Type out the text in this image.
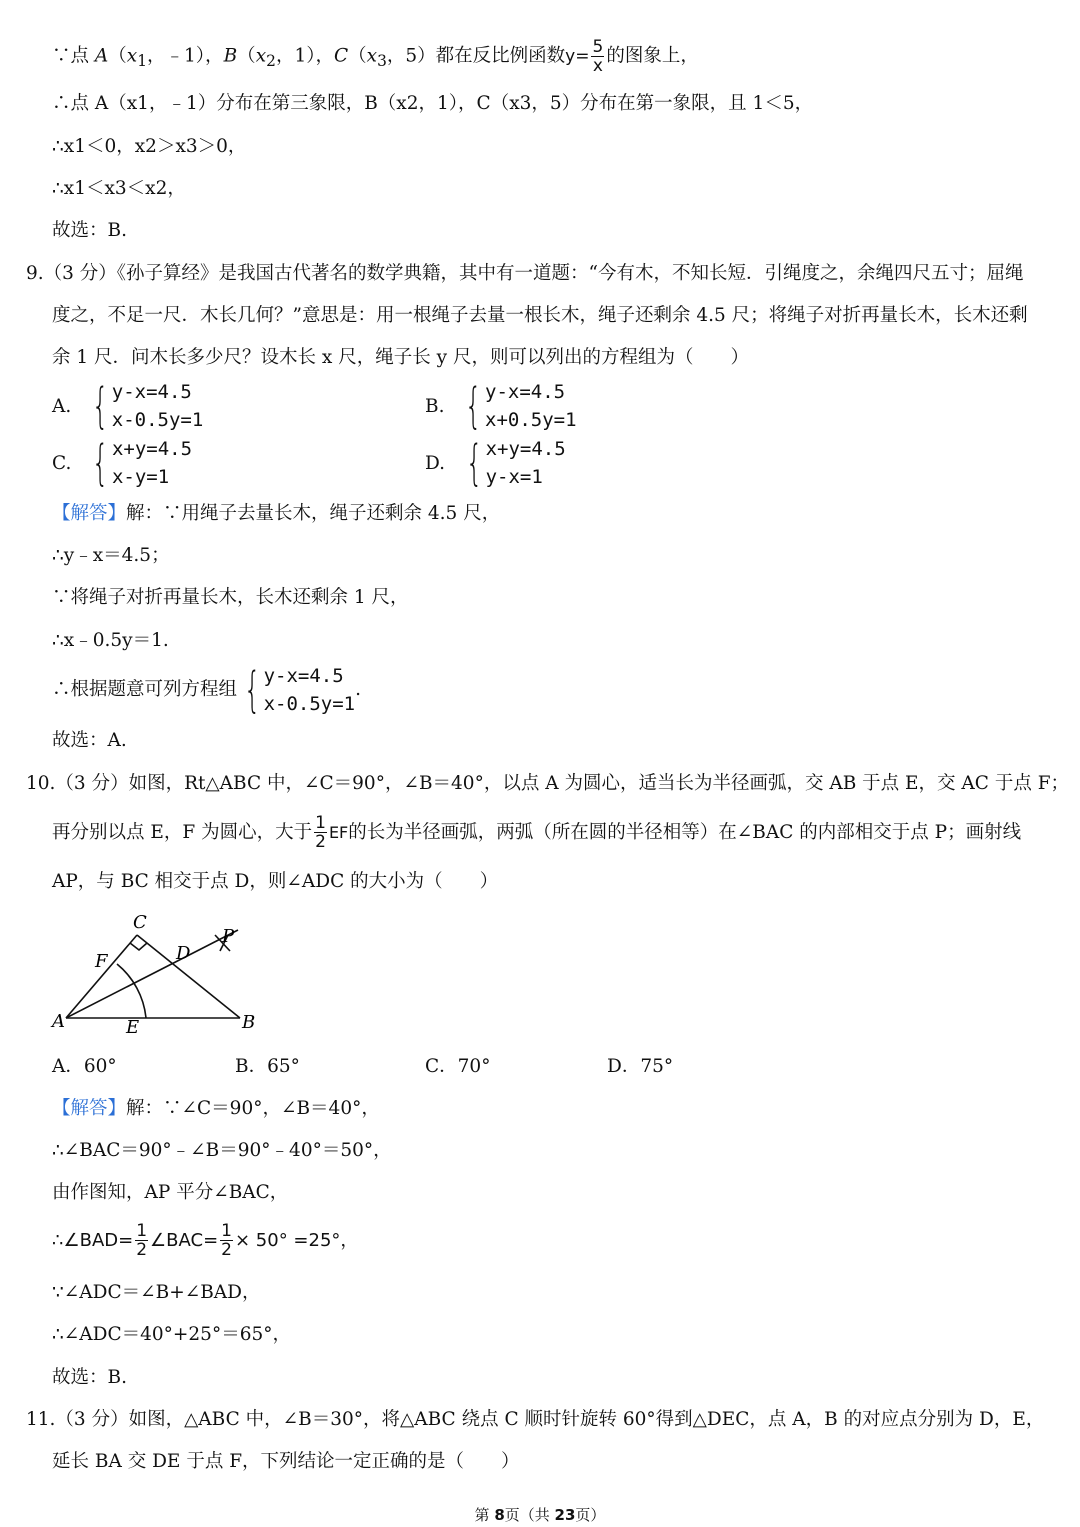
∵点 $A(x_1$，﹣1），$B(x_2$，1），$C(x_3$，5）都在反比例函数$y= \frac{5}{x}$ 的图象上，
∴点 A（x1，﹣1）分布在第三象限，B（x2，1），C（x3，5）分布在第一象限，且 1＜5，
∴x1＜0，x2＞x3＞0，
∴x1＜x3＜x2，
故选：B.
9.（3 分）《孙子算经》是我国古代著名的数学典籍，其中有一道题：“今有木，不知长短．引绳度之，余绳四尺五寸；屈绳
度之，不足一尺．木长几何？”意思是：用一根绳子去量一根长木，绳子还剩余 4.5 尺；将绳子对折再量长木，长木还剩
余 1 尺．问木长多少尺？设木长 x 尺，绳子长 y 尺，则可以列出的方程组为（　　）
A. { y-x=4.5
x-0.5y=1
B. { y-x=4.5
x+0.5y=1
C. { x+y=4.5
x-y=1
D. { x+y=4.5
y-x=1
【解答】解：∵用绳子去量长木，绳子还剩余 4.5 尺，
∴y﹣x＝4.5；
∵将绳子对折再量长木，长木还剩余 1 尺，
∴x﹣0.5y＝1.
∴根据题意可列方程组 { y-x=4.5
x-0.5y=1
.
故选：A.
10.（3 分）如图，Rt△ABC 中，∠C＝90°，∠B＝40°，以点 A 为圆心，适当长为半径画弧，交 AB 于点 E，交 AC 于点 F；
再分别以点 E，F 为圆心，大于 $\frac{1}{2}$ EF 的长为半径画弧，两弧（所在圆的半径相等）在∠BAC 的内部相交于点 P；画射线
AP，与 BC 相交于点 D，则∠ADC 的大小为（　　）
A	B
C
D
E
F
P
A．60°	B．65°	C．70°	D．75°
【解答】解：∵∠C＝90°，∠B＝40°，
∴∠BAC＝90°﹣∠B＝90°﹣40°＝50°，
由作图知，AP 平分∠BAC，
∴∠BAD= $\frac{1}{2}$ ∠BAC= $\frac{1}{2} \times 50^\circ =25^\circ$，
∵∠ADC＝∠B+∠BAD，
∴∠ADC＝40°+25°＝65°，
故选：B.
11.（3 分）如图，△ABC 中，∠B＝30°，将△ABC 绕点 C 顺时针旋转 60°得到△DEC，点 A，B 的对应点分别为 D，E，
延长 BA 交 DE 于点 F，下列结论一定正确的是（　　）
第 8页（共 23页）
